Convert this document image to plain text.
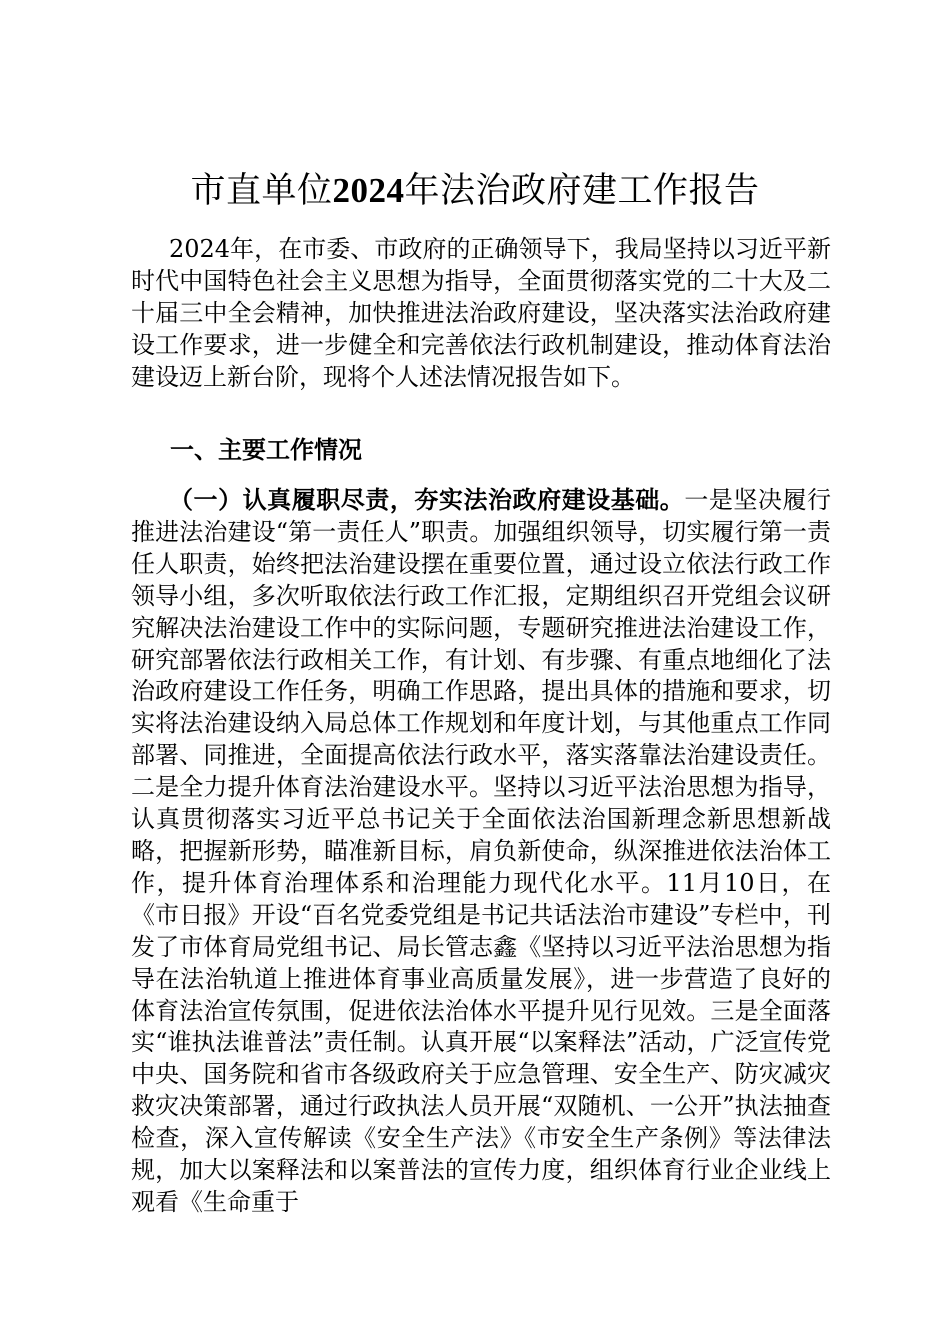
市直单位2024年法治政府建工作报告

2024年，在市委、市政府的正确领导下，我局坚持以习近平新时代中国特色社会主义思想为指导，全面贯彻落实党的二十大及二十届三中全会精神，加快推进法治政府建设，坚决落实法治政府建设工作要求，进一步健全和完善依法行政机制建设，推动体育法治建设迈上新台阶，现将个人述法情况报告如下。

一、主要工作情况

（一）认真履职尽责，夯实法治政府建设基础。一是坚决履行推进法治建设“第一责任人”职责。加强组织领导，切实履行第一责任人职责，始终把法治建设摆在重要位置，通过设立依法行政工作领导小组，多次听取依法行政工作汇报，定期组织召开党组会议研究解决法治建设工作中的实际问题，专题研究推进法治建设工作，研究部署依法行政相关工作，有计划、有步骤、有重点地细化了法治政府建设工作任务，明确工作思路，提出具体的措施和要求，切实将法治建设纳入局总体工作规划和年度计划，与其他重点工作同部署、同推进，全面提高依法行政水平，落实落靠法治建设责任。二是全力提升体育法治建设水平。坚持以习近平法治思想为指导，认真贯彻落实习近平总书记关于全面依法治国新理念新思想新战略，把握新形势，瞄准新目标，肩负新使命，纵深推进依法治体工作，提升体育治理体系和治理能力现代化水平。11月10日，在《市日报》开设“百名党委党组是书记共话法治市建设”专栏中，刊发了市体育局党组书记、局长管志鑫《坚持以习近平法治思想为指导在法治轨道上推进体育事业高质量发展》，进一步营造了良好的体育法治宣传氛围，促进依法治体水平提升见行见效。三是全面落实“谁执法谁普法”责任制。认真开展“以案释法”活动，广泛宣传党中央、国务院和省市各级政府关于应急管理、安全生产、防灾减灾救灾决策部署，通过行政执法人员开展“双随机、一公开”执法抽查检查，深入宣传解读《安全生产法》《市安全生产条例》等法律法规，加大以案释法和以案普法的宣传力度，组织体育行业企业线上观看《生命重于
